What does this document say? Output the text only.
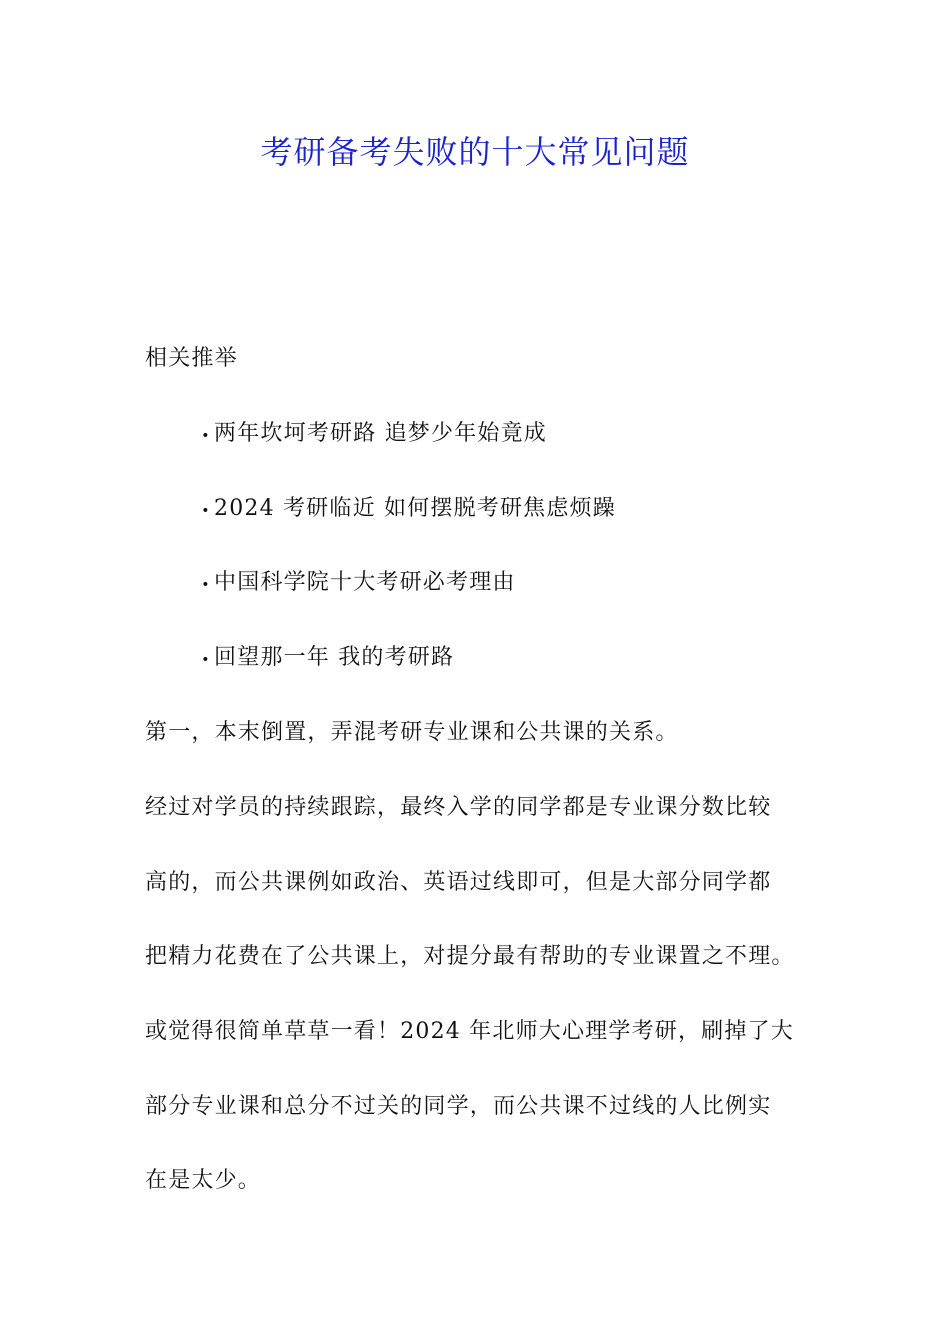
考研备考失败的十大常见问题
相关推举
• 两年坎坷考研路 追梦少年始竟成
• 2024 考研临近 如何摆脱考研焦虑烦躁
• 中国科学院十大考研必考理由
• 回望那一年 我的考研路
第一，本末倒置，弄混考研专业课和公共课的关系。
经过对学员的持续跟踪，最终入学的同学都是专业课分数比较
高的，而公共课例如政治、英语过线即可，但是大部分同学都
把精力花费在了公共课上，对提分最有帮助的专业课置之不理。
或觉得很简单草草一看！2024 年北师大心理学考研，刷掉了大
部分专业课和总分不过关的同学，而公共课不过线的人比例实
在是太少。
